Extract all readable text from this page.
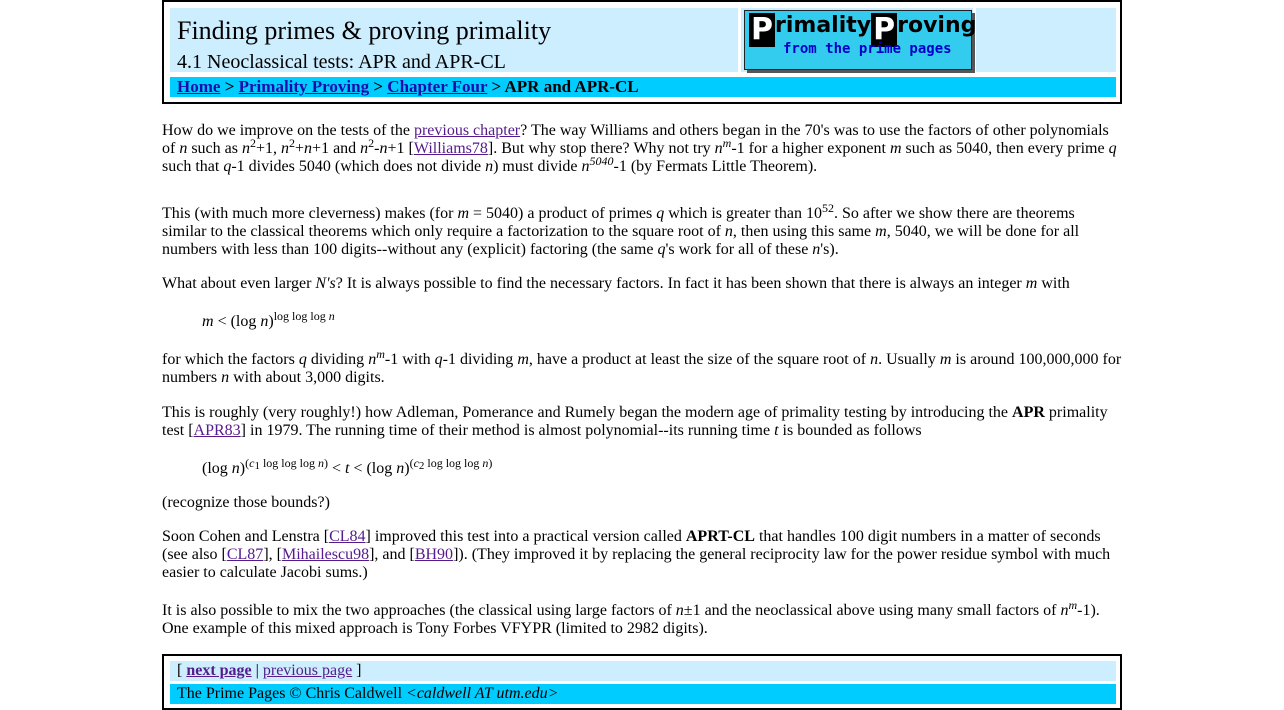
Finding primes & proving primality
4.1 Neoclassical tests: APR and APR-CL
PrimalityProving
from the prime pages
Home > Primality Proving > Chapter Four > APR and APR-CL

How do we improve on the tests of the previous chapter? The way Williams and others began in the 70's was to use the factors of other polynomials of n such as $n^2+1$, $n^2+n+1$ and $n^2-n+1$ [Williams78]. But why stop there? Why not try $n^m-1$ for a higher exponent m such as 5040, then every prime q such that q-1 divides 5040 (which does not divide n) must divide $n^{5040}-1$ (by Fermats Little Theorem).

This (with much more cleverness) makes (for m = 5040) a product of primes q which is greater than $10^{52}$. So after we show there are theorems similar to the classical theorems which only require a factorization to the square root of n, then using this same m, 5040, we will be done for all numbers with less than 100 digits--without any (explicit) factoring (the same q's work for all of these n's).

What about even larger N's? It is always possible to find the necessary factors. In fact it has been shown that there is always an integer m with

m < (log n)$^{log log log n}$

for which the factors q dividing $n^m-1$ with q-1 dividing m, have a product at least the size of the square root of n. Usually m is around 100,000,000 for numbers n with about 3,000 digits.

This is roughly (very roughly!) how Adleman, Pomerance and Rumely began the modern age of primality testing by introducing the APR primality test [APR83] in 1979. The running time of their method is almost polynomial--its running time t is bounded as follows

(log n)$^{(c_1 log log log n)}$ < t < (log n)$^{(c_2 log log log n)}$
(recognize those bounds?)

Soon Cohen and Lenstra [CL84] improved this test into a practical version called APRT-CL that handles 100 digit numbers in a matter of seconds (see also [CL87], [Mihailescu98], and [BH90]). (They improved it by replacing the general reciprocity law for the power residue symbol with much easier to calculate Jacobi sums.)

It is also possible to mix the two approaches (the classical using large factors of n±1 and the neoclassical above using many small factors of $n^m-1$). One example of this mixed approach is Tony Forbes VFYPR (limited to 2982 digits).

[ next page | previous page ]
The Prime Pages © Chris Caldwell <caldwell AT utm.edu>
